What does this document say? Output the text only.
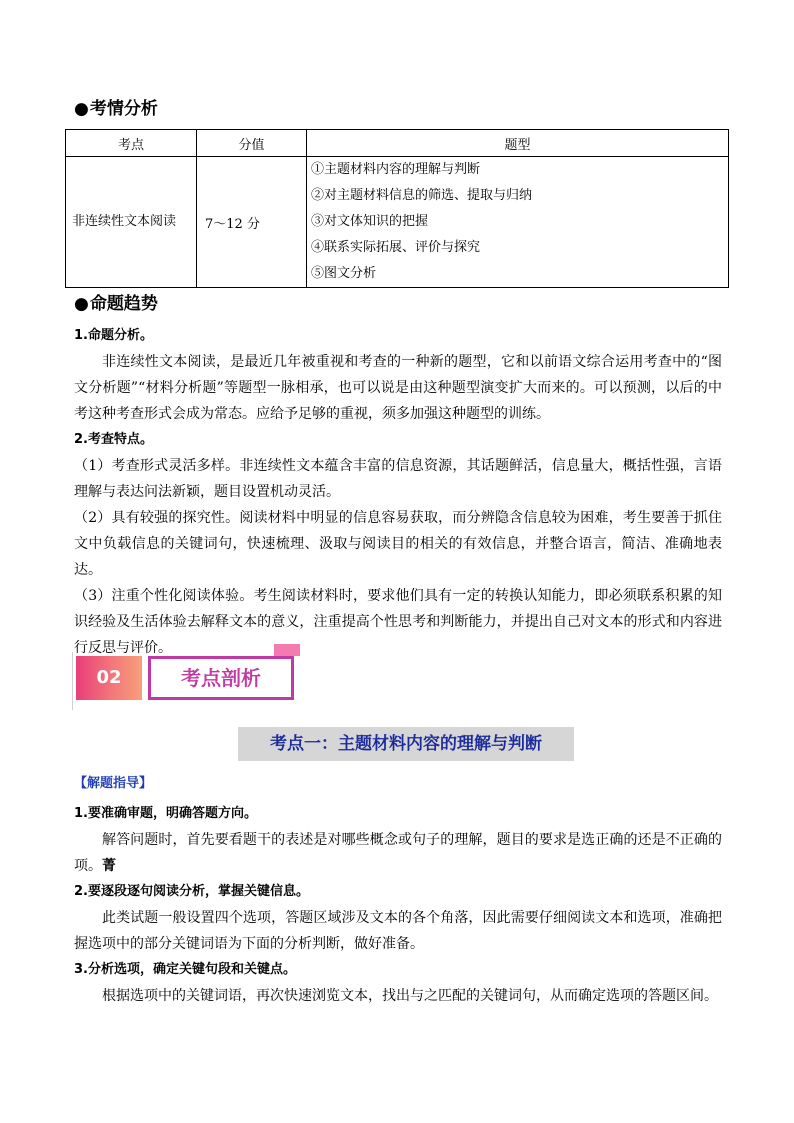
●考情分析
考点	分值	题型
非连续性文本阅读	7～12 分	①主题材料内容的理解与判断
②对主题材料信息的筛选、提取与归纳
③对文体知识的把握
④联系实际拓展、评价与探究
⑤图文分析
●命题趋势
1.命题分析。
非连续性文本阅读，是最近几年被重视和考查的一种新的题型，它和以前语文综合运用考查中的“图文分析题”“材料分析题”等题型一脉相承，也可以说是由这种题型演变扩大而来的。可以预测，以后的中考这种考查形式会成为常态。应给予足够的重视，须多加强这种题型的训练。
2.考查特点。
（1）考查形式灵活多样。非连续性文本蕴含丰富的信息资源，其话题鲜活，信息量大，概括性强，言语理解与表达问法新颖，题目设置机动灵活。
（2）具有较强的探究性。阅读材料中明显的信息容易获取，而分辨隐含信息较为困难，考生要善于抓住文中负载信息的关键词句，快速梳理、汲取与阅读目的相关的有效信息，并整合语言，简洁、准确地表达。
（3）注重个性化阅读体验。考生阅读材料时，要求他们具有一定的转换认知能力，即必须联系积累的知识经验及生活体验去解释文本的意义，注重提高个性思考和判断能力，并提出自己对文本的形式和内容进行反思与评价。
02	考点剖析
考点一：主题材料内容的理解与判断
【解题指导】
1.要准确审题，明确答题方向。
解答问题时，首先要看题干的表述是对哪些概念或句子的理解，题目的要求是选正确的还是不正确的项。菁
2.要逐段逐句阅读分析，掌握关键信息。
此类试题一般设置四个选项，答题区域涉及文本的各个角落，因此需要仔细阅读文本和选项，准确把握选项中的部分关键词语为下面的分析判断，做好准备。
3.分析选项，确定关键句段和关键点。
根据选项中的关键词语，再次快速浏览文本，找出与之匹配的关键词句，从而确定选项的答题区间。
